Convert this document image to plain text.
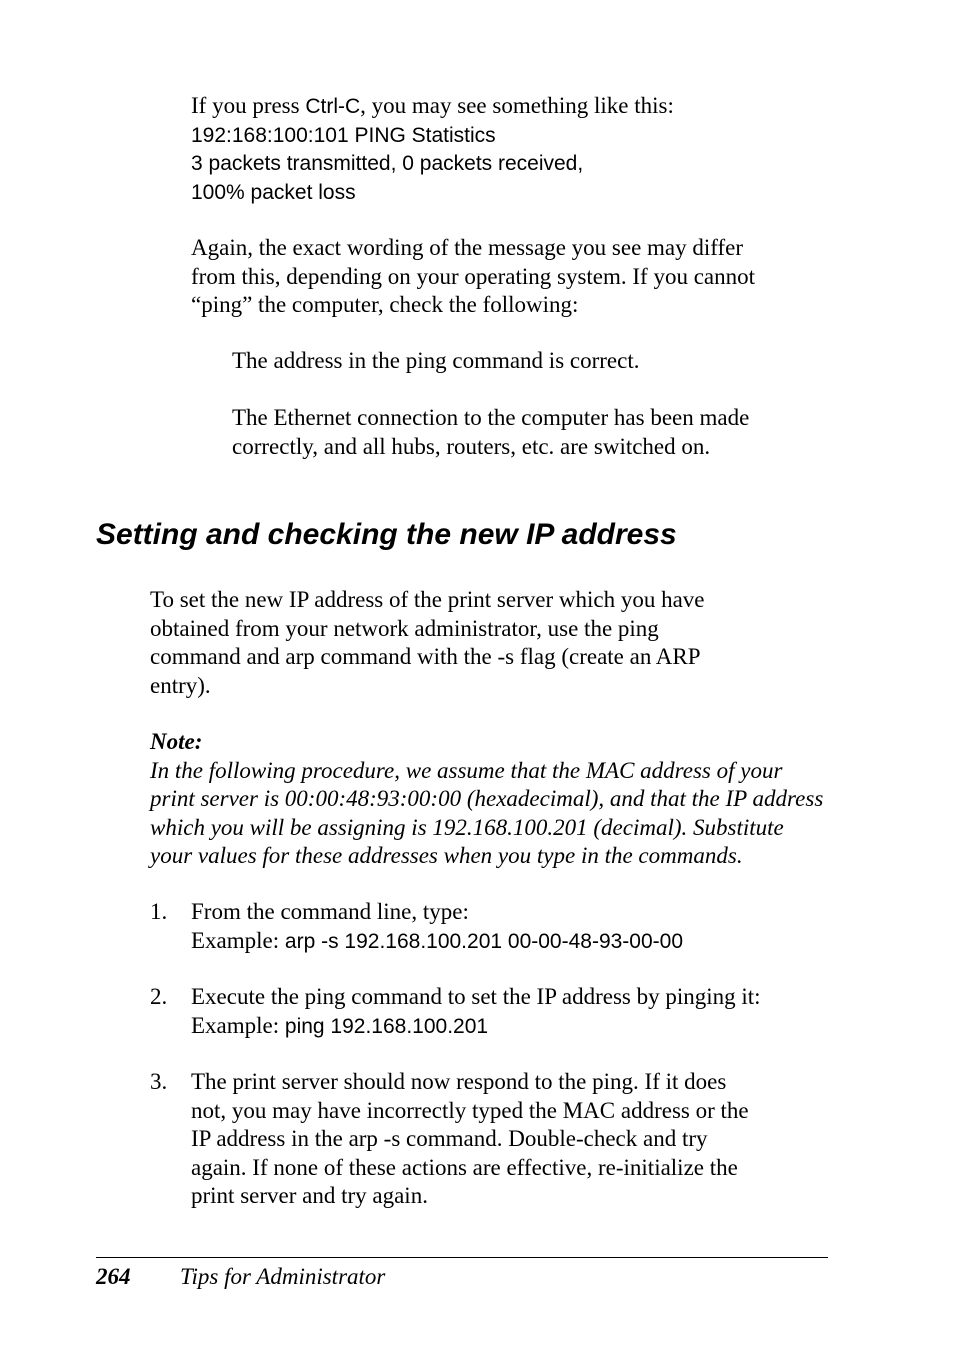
If you press Ctrl-C, you may see something like this:
192:168:100:101 PING Statistics
3 packets transmitted, 0 packets received,
100% packet loss
Again, the exact wording of the message you see may differ
from this, depending on your operating system. If you cannot
“ping” the computer, check the following:
The address in the ping command is correct.
The Ethernet connection to the computer has been made
correctly, and all hubs, routers, etc. are switched on.
Setting and checking the new IP address
To set the new IP address of the print server which you have
obtained from your network administrator, use the ping
command and arp command with the -s flag (create an ARP
entry).
Note:
In the following procedure, we assume that the MAC address of your
print server is 00:00:48:93:00:00 (hexadecimal), and that the IP address
which you will be assigning is 192.168.100.201 (decimal). Substitute
your values for these addresses when you type in the commands.
1. From the command line, type:
Example: arp -s 192.168.100.201 00-00-48-93-00-00
2. Execute the ping command to set the IP address by pinging it:
Example: ping 192.168.100.201
3. The print server should now respond to the ping. If it does
not, you may have incorrectly typed the MAC address or the
IP address in the arp -s command. Double-check and try
again. If none of these actions are effective, re-initialize the
print server and try again.
264 Tips for Administrator
